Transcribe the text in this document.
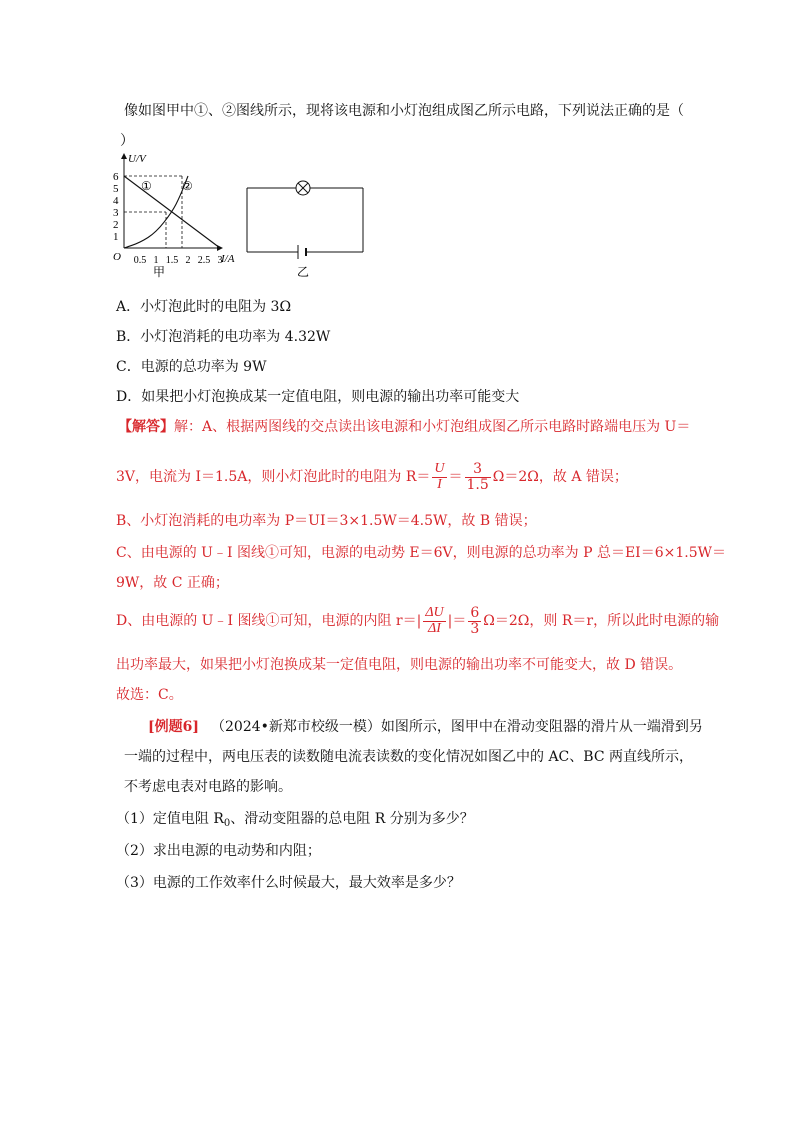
像如图甲中①、②图线所示，现将该电源和小灯泡组成图乙所示电路，下列说法正确的是（
）
6
5
4
3
2
1
0.5 1 1.5 2 2.5 3
U/V
I/A
O
①	②
甲	乙
A．小灯泡此时的电阻为 3Ω
B．小灯泡消耗的电功率为 4.32W
C．电源的总功率为 9W
D．如果把小灯泡换成某一定值电阻，则电源的输出功率可能变大
【解答】解：A、根据两图线的交点读出该电源和小灯泡组成图乙所示电路时路端电压为 U＝
3V，电流为 I＝1.5A，则小灯泡此时的电阻为 $R= \frac{U}{I} = \frac{3}{1.5} \Omega=2\Omega$，故 A 错误；
B、小灯泡消耗的电功率为 P＝UI＝3×1.5W＝4.5W，故 B 错误；
C、由电源的 U﹣I 图线①可知，电源的电动势 E＝6V，则电源的总功率为 P 总＝EI＝6×1.5W＝
9W，故 C 正确；
D、由电源的 U﹣I 图线①可知，电源的内阻 $r=| \frac{\Delta U}{\Delta I}$ |＝ $\frac{6}{3} \Omega=2\Omega$，则 R＝r，所以此时电源的输
出功率最大，如果把小灯泡换成某一定值电阻，则电源的输出功率不可能变大，故 D 错误。
故选：C。
[例题6] （2024•新郑市校级一模）如图所示，图甲中在滑动变阻器的滑片从一端滑到另
一端的过程中，两电压表的读数随电流表读数的变化情况如图乙中的 AC、BC 两直线所示，
不考虑电表对电路的影响。
（1）定值电阻 $R_0$、滑动变阻器的总电阻 R 分别为多少？
（2）求出电源的电动势和内阻；
（3）电源的工作效率什么时候最大，最大效率是多少？
